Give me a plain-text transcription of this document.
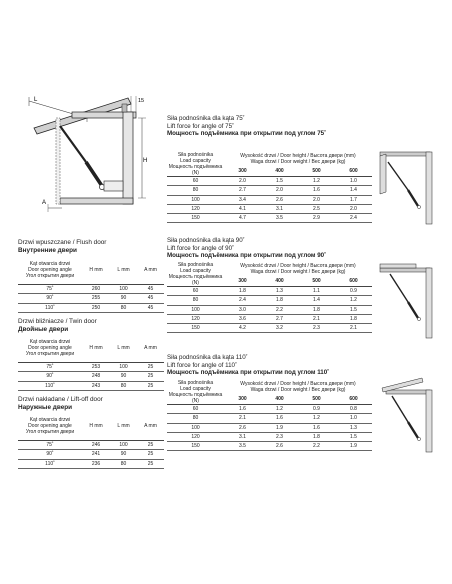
L	15
H
A
Drzwi wpuszczane / Flush door
Внутренние двери
Kąt otwarcia drzwi
Door opening angle
Угол открытия двери	H mm	L mm	A mm
75˚	260	100	45
90˚	255	90	45
110˚	250	80	45
Drzwi bliźniacze / Twin door
Двойные двери
Kąt otwarcia drzwi
Door opening angle
Угол открытия двери	H mm	L mm	A mm
75˚	253	100	25
90˚	248	90	25
110˚	243	80	25
Drzwi nakładane / Lift-off door
Наружные двери
Kąt otwarcia drzwi
Door opening angle
Угол открытия двери	H mm	L mm	A mm
75˚	246	100	25
90˚	241	90	25
110˚	236	80	25
Siła podnośnika dla kąta 75˚
Lift force for angle of 75˚
Мощность подъёмника при открытии под углом 75˚
Siła podnośnika
Load capacity
Мощность подъёмника
(N)	Wysokość drzwi / Door height / Высота двери (mm)
Waga drzwi / Door weight / Вес двери (kg)			
	300	400	500	600
60	2.0	1.5	1.2	1.0
80	2.7	2.0	1.6	1.4
100	3.4	2.6	2.0	1.7
120	4.1	3.1	2.5	2.0
150	4.7	3.5	2.9	2.4
Siła podnośnika dla kąta 90˚
Lift force for angle of 90˚
Мощность подъёмника при открытии под углом 90˚
Siła podnośnika
Load capacity
Мощность подъёмника
(N)	Wysokość drzwi / Door height / Высота двери (mm)
Waga drzwi / Door weight / Вес двери (kg)			
	300	400	500	600
60	1.8	1.3	1.1	0.9
80	2.4	1.8	1.4	1.2
100	3.0	2.2	1.8	1.5
120	3.6	2.7	2.1	1.8
150	4.2	3.2	2.3	2.1
Siła podnośnika dla kąta 110˚
Lift force for angle of 110˚
Мощность подъёмника при открытии под углом 110˚
Siła podnośnika
Load capacity
Мощность подъёмника
(N)	Wysokość drzwi / Door height / Высота двери (mm)
Waga drzwi / Door weight / Вес двери (kg)			
	300	400	500	600
60	1.6	1.2	0.9	0.8
80	2.1	1.6	1.2	1.0
100	2.6	1.9	1.6	1.3
120	3.1	2.3	1.8	1.5
150	3.5	2.6	2.2	1.9
